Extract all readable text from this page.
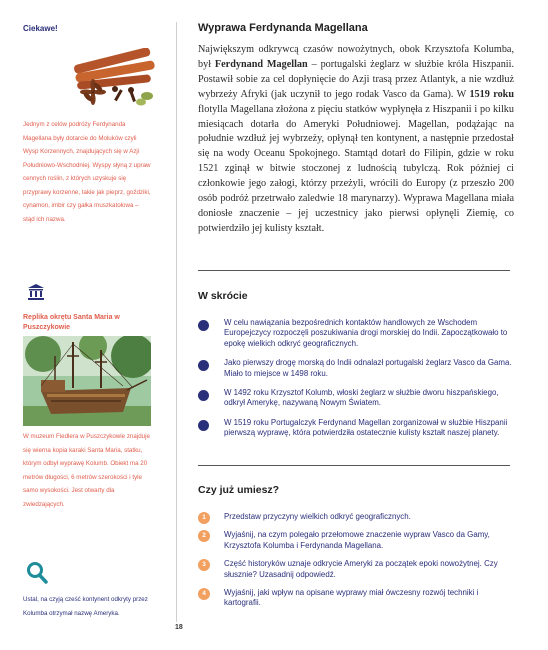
Ciekawe!

Jednym z celów podróży Ferdynanda Magellana były dotarcie do Moluków czyli Wysp Korzennych, znajdujących się w Azji Południowo-Wschodniej. Wyspy słyną z upraw cennych roślin, z których uzyskuje się przyprawy korzenne, takie jak pieprz, goździki, cynamon, imbir czy gałka muszkatołowa – stąd ich nazwa.

Replika okrętu Santa Maria w Puszczykowie

W muzeum Fiedlera w Puszczykowie znajduje się wierna kopia karaki Santa Maria, statku, którym odbył wyprawę Kolumb. Obiekt ma 20 metrów długości, 6 metrów szerokości i tyle samo wysokości. Jest otwarty dla zwiedzających.

Ustal, na czyją cześć kontynent odkryty przez Kolumba otrzymał nazwę Ameryka.

Wyprawa Ferdynanda Magellana

Największym odkrywcą czasów nowożytnych, obok Krzysztofa Kolumba, był Ferdynand Magellan – portugalski żeglarz w służbie króla Hiszpanii. Postawił sobie za cel dopłynięcie do Azji trasą przez Atlantyk, a nie wzdłuż wybrzeży Afryki (jak uczynił to jego rodak Vasco da Gama). W 1519 roku flotylla Magellana złożona z pięciu statków wypłynęła z Hiszpanii i po kilku miesiącach dotarła do Ameryki Południowej. Magellan, podążając na południe wzdłuż jej wybrzeży, opłynął ten kontynent, a następnie przedostał się na wody Oceanu Spokojnego. Stamtąd dotarł do Filipin, gdzie w roku 1521 zginął w bitwie stoczonej z ludnością tubylczą. Rok później ci członkowie jego załogi, którzy przeżyli, wrócili do Europy (z przeszło 200 osób podróż przetrwało zaledwie 18 marynarzy). Wyprawa Magellana miała doniosłe znaczenie – jej uczestnicy jako pierwsi opłynęli Ziemię, co potwierdziło jej kulisty kształt.

W skrócie
W celu nawiązania bezpośrednich kontaktów handlowych ze Wschodem Europejczycy rozpoczęli poszukiwania drogi morskiej do Indii. Zapoczątkowało to epokę wielkich odkryć geograficznych.
Jako pierwszy drogę morską do Indii odnalazł portugalski żeglarz Vasco da Gama. Miało to miejsce w 1498 roku.
W 1492 roku Krzysztof Kolumb, włoski żeglarz w służbie dworu hiszpańskiego, odkrył Amerykę, nazywaną Nowym Światem.
W 1519 roku Portugalczyk Ferdynand Magellan zorganizował w służbie Hiszpanii pierwszą wyprawę, która potwierdziła ostatecznie kulisty kształt naszej planety.
Czy już umiesz?
1	Przedstaw przyczyny wielkich odkryć geograficznych.
2	Wyjaśnij, na czym polegało przełomowe znaczenie wypraw Vasco da Gamy, Krzysztofa Kolumba i Ferdynanda Magellana.
3	Część historyków uznaje odkrycie Ameryki za początek epoki nowożytnej. Czy słusznie? Uzasadnij odpowiedź.
4	Wyjaśnij, jaki wpływ na opisane wyprawy miał ówczesny rozwój techniki i kartografii.
18
